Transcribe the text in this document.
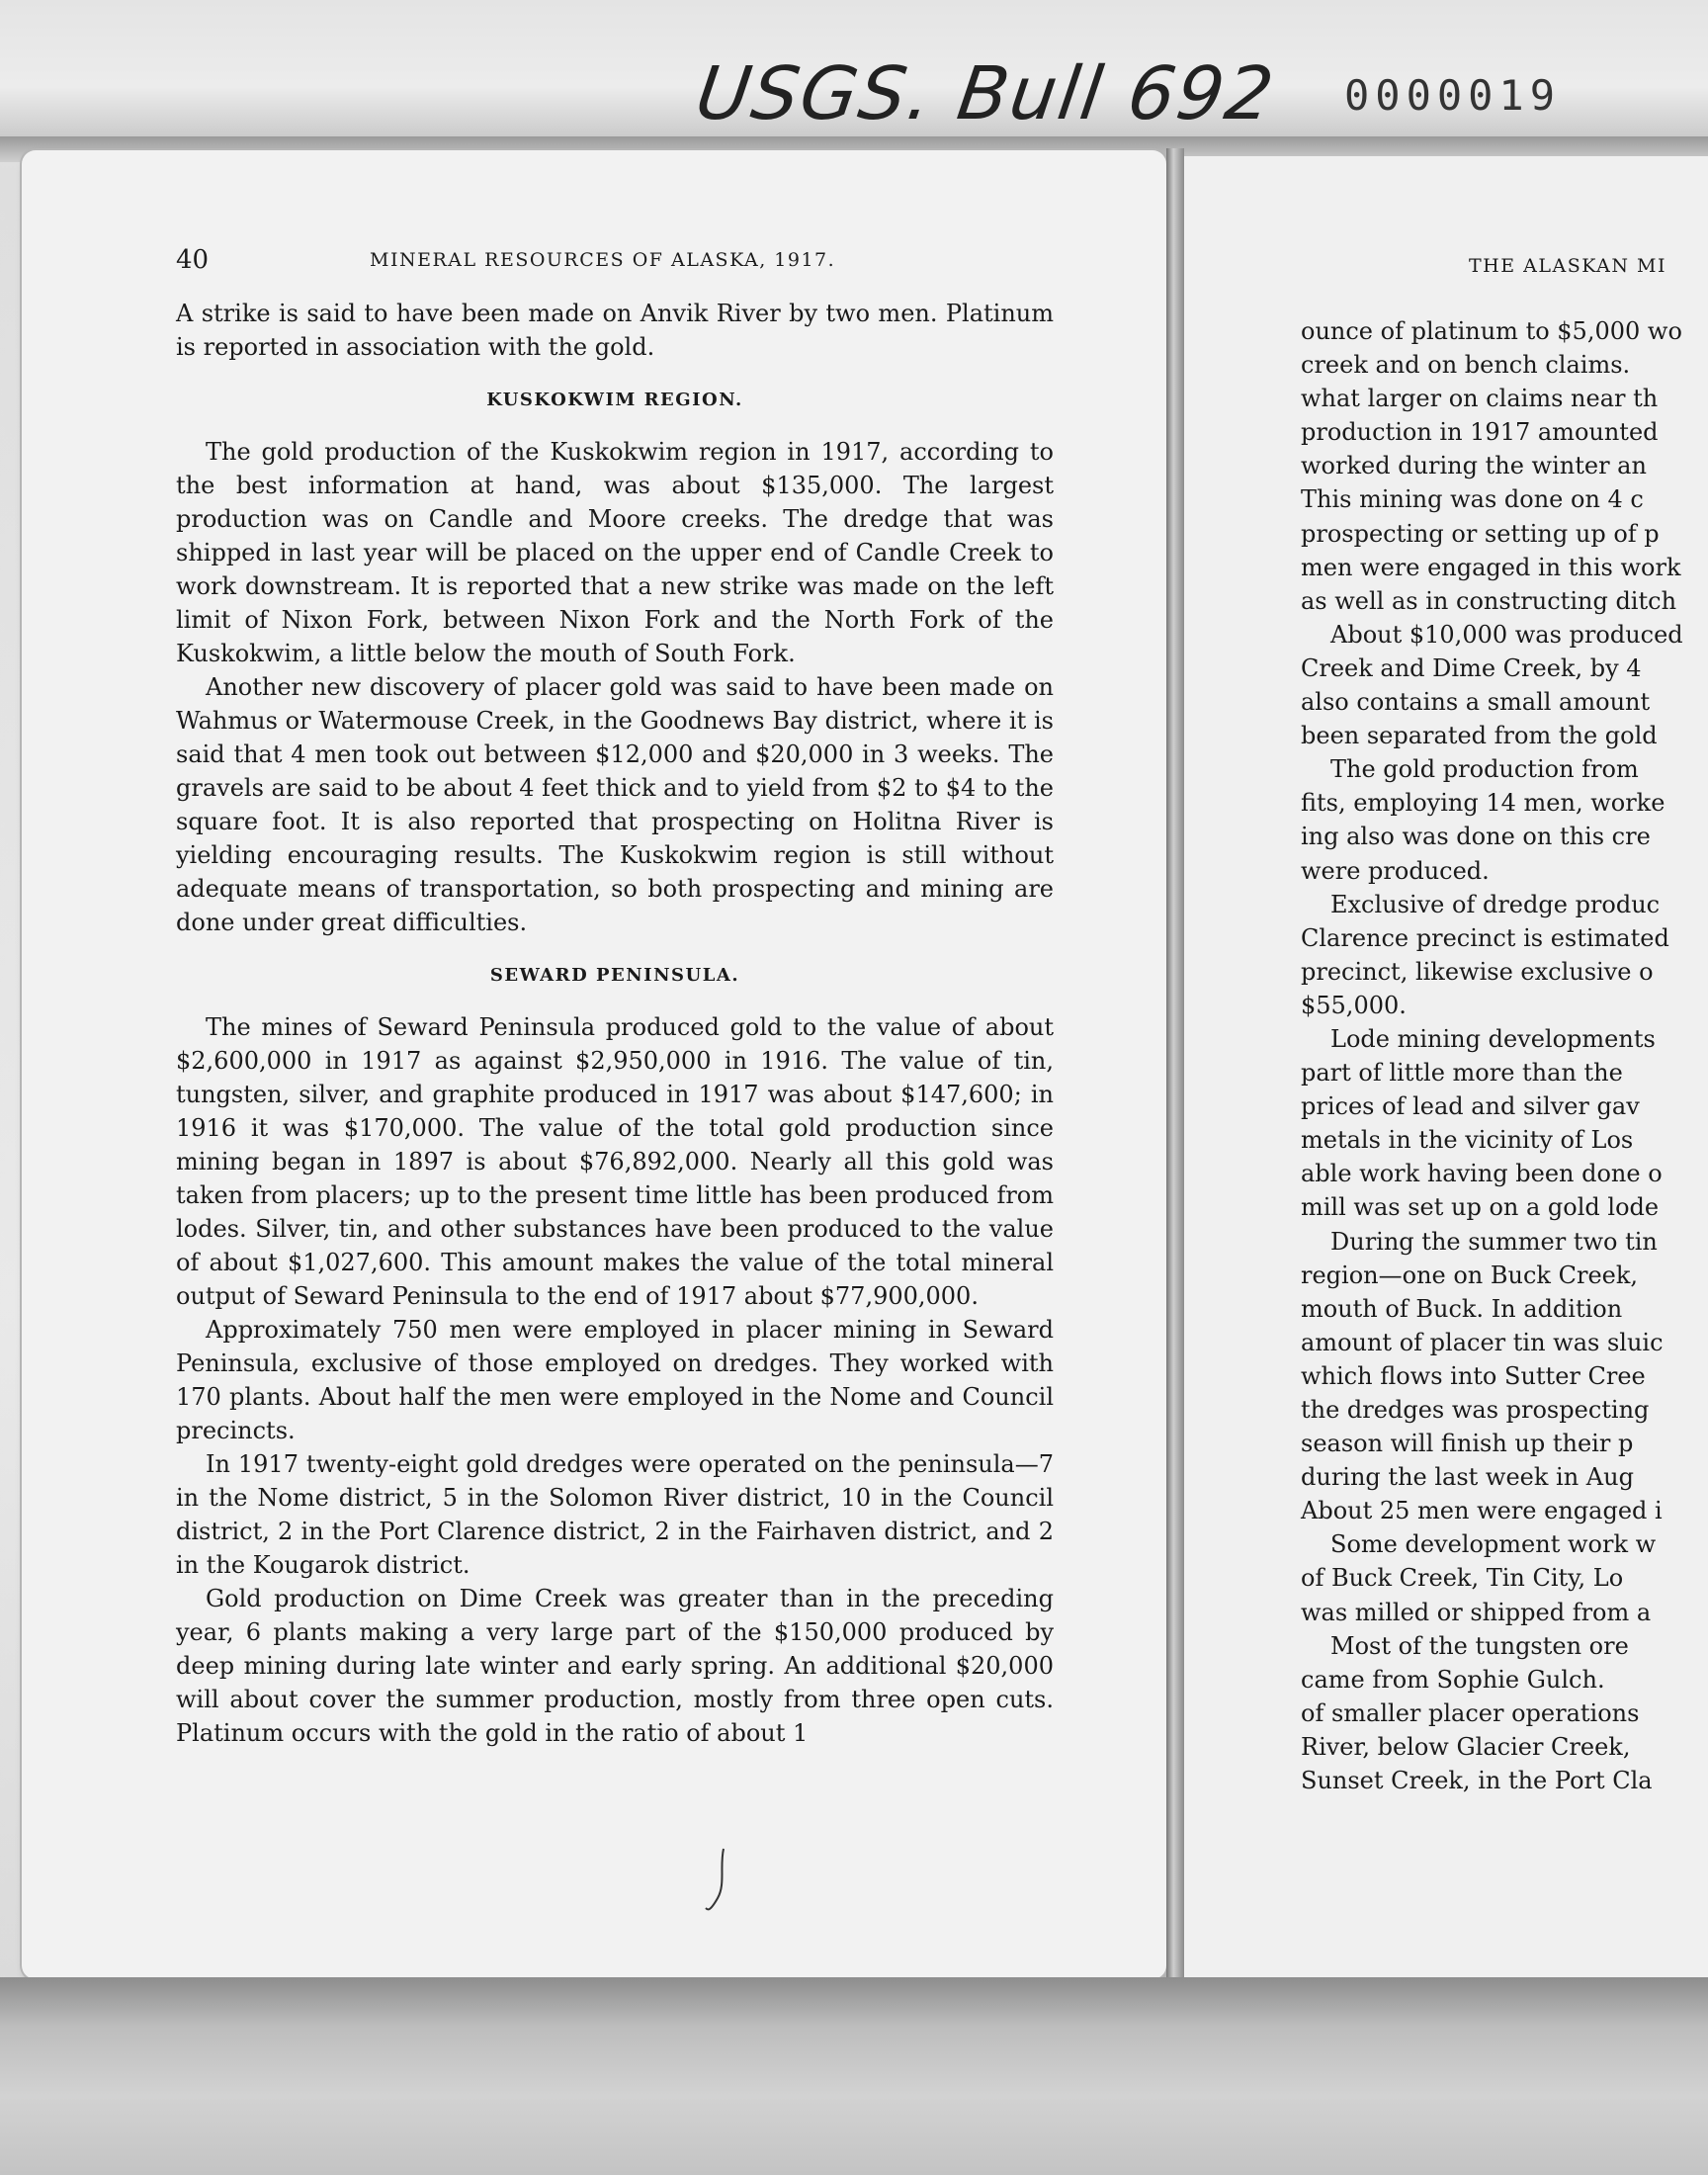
USGS. Bull 692 0000019
40	MINERAL RESOURCES OF ALASKA, 1917.

A strike is said to have been made on Anvik River by two men. Platinum is reported in association with the gold.

KUSKOKWIM REGION.

The gold production of the Kuskokwim region in 1917, according to the best information at hand, was about $135,000. The largest production was on Candle and Moore creeks. The dredge that was shipped in last year will be placed on the upper end of Candle Creek to work downstream. It is reported that a new strike was made on the left limit of Nixon Fork, between Nixon Fork and the North Fork of the Kuskokwim, a little below the mouth of South Fork.

Another new discovery of placer gold was said to have been made on Wahmus or Watermouse Creek, in the Goodnews Bay district, where it is said that 4 men took out between $12,000 and $20,000 in 3 weeks. The gravels are said to be about 4 feet thick and to yield from $2 to $4 to the square foot. It is also reported that prospecting on Holitna River is yielding encouraging results. The Kuskokwim region is still without adequate means of transportation, so both prospecting and mining are done under great difficulties.

SEWARD PENINSULA.

The mines of Seward Peninsula produced gold to the value of about $2,600,000 in 1917 as against $2,950,000 in 1916. The value of tin, tungsten, silver, and graphite produced in 1917 was about $147,600; in 1916 it was $170,000. The value of the total gold production since mining began in 1897 is about $76,892,000. Nearly all this gold was taken from placers; up to the present time little has been produced from lodes. Silver, tin, and other substances have been produced to the value of about $1,027,600. This amount makes the value of the total mineral output of Seward Peninsula to the end of 1917 about $77,900,000.

Approximately 750 men were employed in placer mining in Seward Peninsula, exclusive of those employed on dredges. They worked with 170 plants. About half the men were employed in the Nome and Council precincts.

In 1917 twenty-eight gold dredges were operated on the peninsula—7 in the Nome district, 5 in the Solomon River district, 10 in the Council district, 2 in the Port Clarence district, 2 in the Fairhaven district, and 2 in the Kougarok district.

Gold production on Dime Creek was greater than in the preceding year, 6 plants making a very large part of the $150,000 produced by deep mining during late winter and early spring. An additional $20,000 will about cover the summer production, mostly from three open cuts. Platinum occurs with the gold in the ratio of about 1

THE ALASKAN MI
ounce of platinum to $5,000 wo
creek and on bench claims.
what larger on claims near th
production in 1917 amounted
worked during the winter an
This mining was done on 4 c
prospecting or setting up of p
men were engaged in this work
as well as in constructing ditch
About $10,000 was produced
Creek and Dime Creek, by 4
also contains a small amount
been separated from the gold
The gold production from
fits, employing 14 men, worke
ing also was done on this cre
were produced.
Exclusive of dredge produc
Clarence precinct is estimated
precinct, likewise exclusive o
$55,000.
Lode mining developments
part of little more than the
prices of lead and silver gav
metals in the vicinity of Los
able work having been done o
mill was set up on a gold lode
During the summer two tin
region—one on Buck Creek,
mouth of Buck. In addition
amount of placer tin was sluic
which flows into Sutter Cree
the dredges was prospecting
season will finish up their p
during the last week in Aug
About 25 men were engaged i
Some development work w
of Buck Creek, Tin City, Lo
was milled or shipped from a
Most of the tungsten ore
came from Sophie Gulch.
of smaller placer operations
River, below Glacier Creek,
Sunset Creek, in the Port Cla
